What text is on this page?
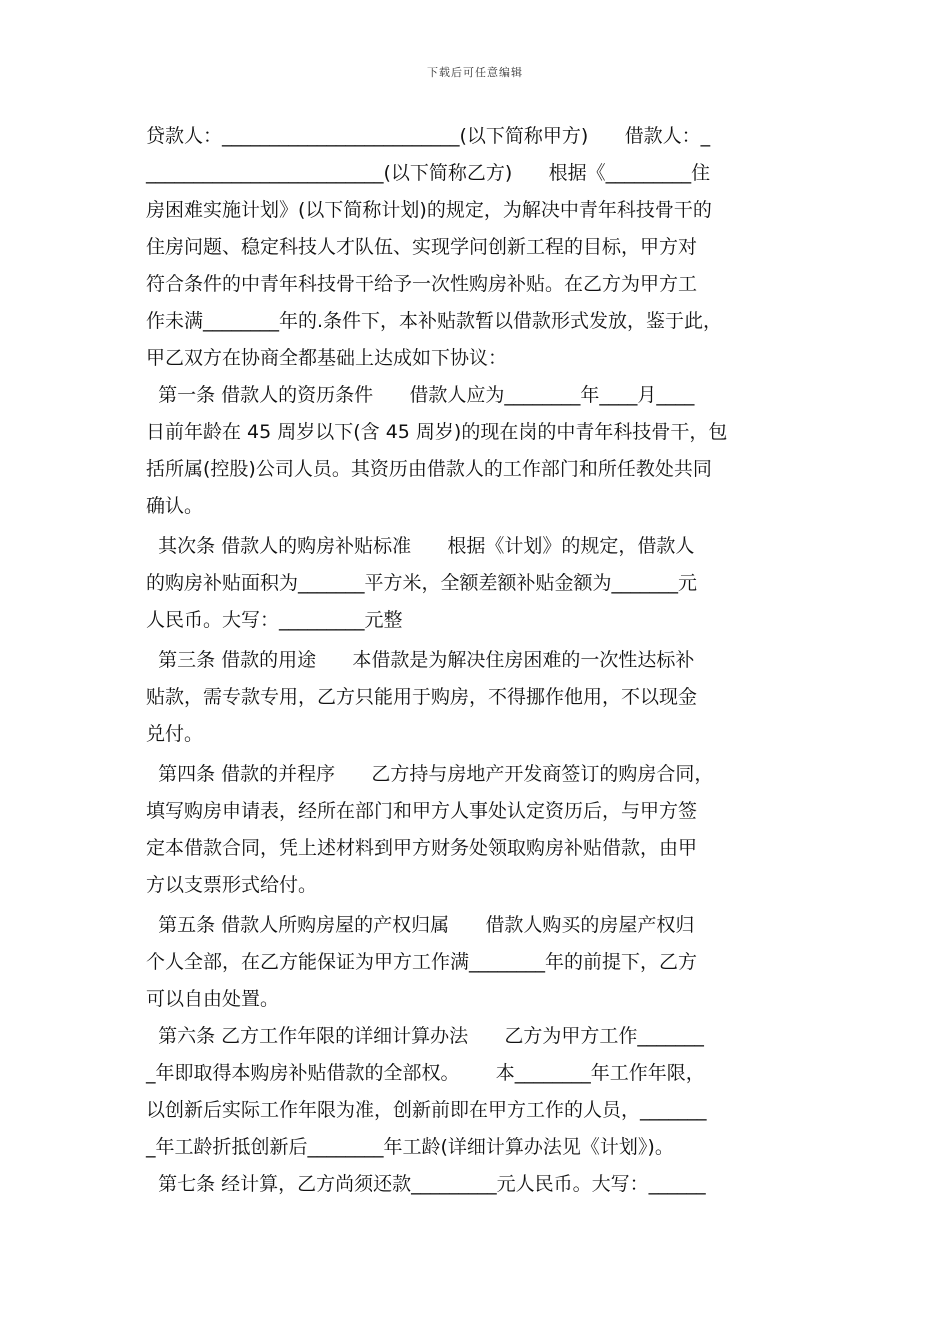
下载后可任意编辑
贷款人：_________________________(以下简称甲方)      借款人：_
_________________________(以下简称乙方)      根据《_________住
房困难实施计划》(以下简称计划)的规定，为解决中青年科技骨干的
住房问题、稳定科技人才队伍、实现学问创新工程的目标，甲方对
符合条件的中青年科技骨干给予一次性购房补贴。在乙方为甲方工
作未满________年的.条件下，本补贴款暂以借款形式发放，鉴于此，
甲乙双方在协商全都基础上达成如下协议：
第一条 借款人的资历条件      借款人应为________年____月____
日前年龄在 45 周岁以下(含 45 周岁)的现在岗的中青年科技骨干，包
括所属(控股)公司人员。其资历由借款人的工作部门和所任教处共同
确认。
其次条 借款人的购房补贴标准      根据《计划》的规定，借款人
的购房补贴面积为_______平方米，全额差额补贴金额为_______元
人民币。大写：_________元整
第三条 借款的用途      本借款是为解决住房困难的一次性达标补
贴款，需专款专用，乙方只能用于购房，不得挪作他用，不以现金
兑付。
第四条 借款的并程序      乙方持与房地产开发商签订的购房合同，
填写购房申请表，经所在部门和甲方人事处认定资历后，与甲方签
定本借款合同，凭上述材料到甲方财务处领取购房补贴借款，由甲
方以支票形式给付。
第五条 借款人所购房屋的产权归属      借款人购买的房屋产权归
个人全部，在乙方能保证为甲方工作满________年的前提下，乙方
可以自由处置。
第六条 乙方工作年限的详细计算办法      乙方为甲方工作_______
_年即取得本购房补贴借款的全部权。      本________年工作年限，
以创新后实际工作年限为准，创新前即在甲方工作的人员，_______
_年工龄折抵创新后________年工龄(详细计算办法见《计划》)。
第七条 经计算，乙方尚须还款_________元人民币。大写：______
